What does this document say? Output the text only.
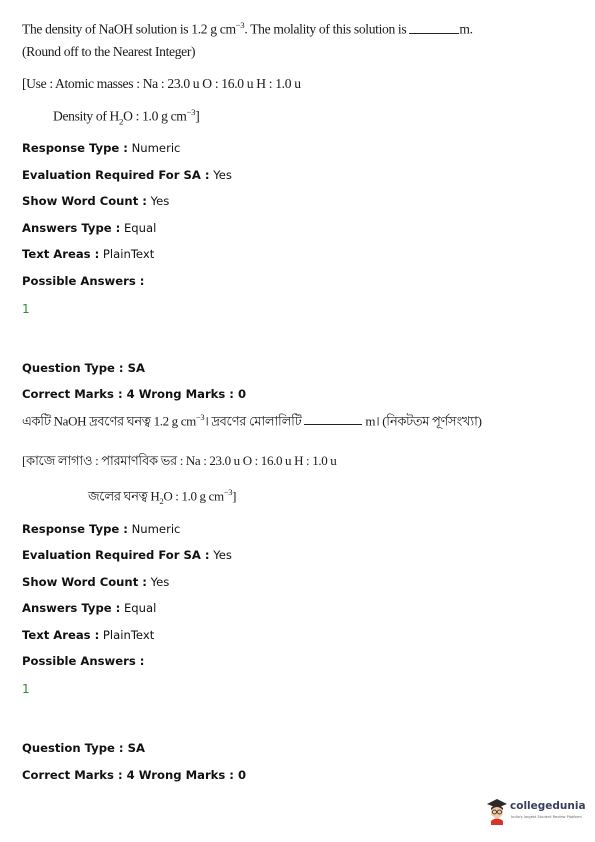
The density of NaOH solution is 1.2 g $cm^{-3}$. The molality of this solution is	m.
(Round off to the Nearest Integer)
[Use : Atomic masses : Na : 23.0 u O : 16.0 u H : 1.0 u
Density of $H_2O$ : 1.0 g $cm^{-3}$]
Response Type : Numeric
Evaluation Required For SA : Yes
Show Word Count : Yes
Answers Type : Equal
Text Areas : PlainText
Possible Answers :
1
Question Type : SA
Correct Marks : 4 Wrong Marks : 0
একটি NaOH দ্রবণের ঘনত্ব 1.2 g $cm^{-3}।$ দ্রবণের মোলালিটি	m। (নিকটতম পূর্ণসংখ্যা)
[কাজে লাগাও : পারমাণবিক ভর : Na : 23.0 u O : 16.0 u H : 1.0 u
জলের ঘনত্ব $H_2O$ : 1.0 g $cm^{-3}$]
Response Type : Numeric
Evaluation Required For SA : Yes
Show Word Count : Yes
Answers Type : Equal
Text Areas : PlainText
Possible Answers :
1
Question Type : SA
Correct Marks : 4 Wrong Marks : 0
collegedunia
India's largest Student Review Platform
